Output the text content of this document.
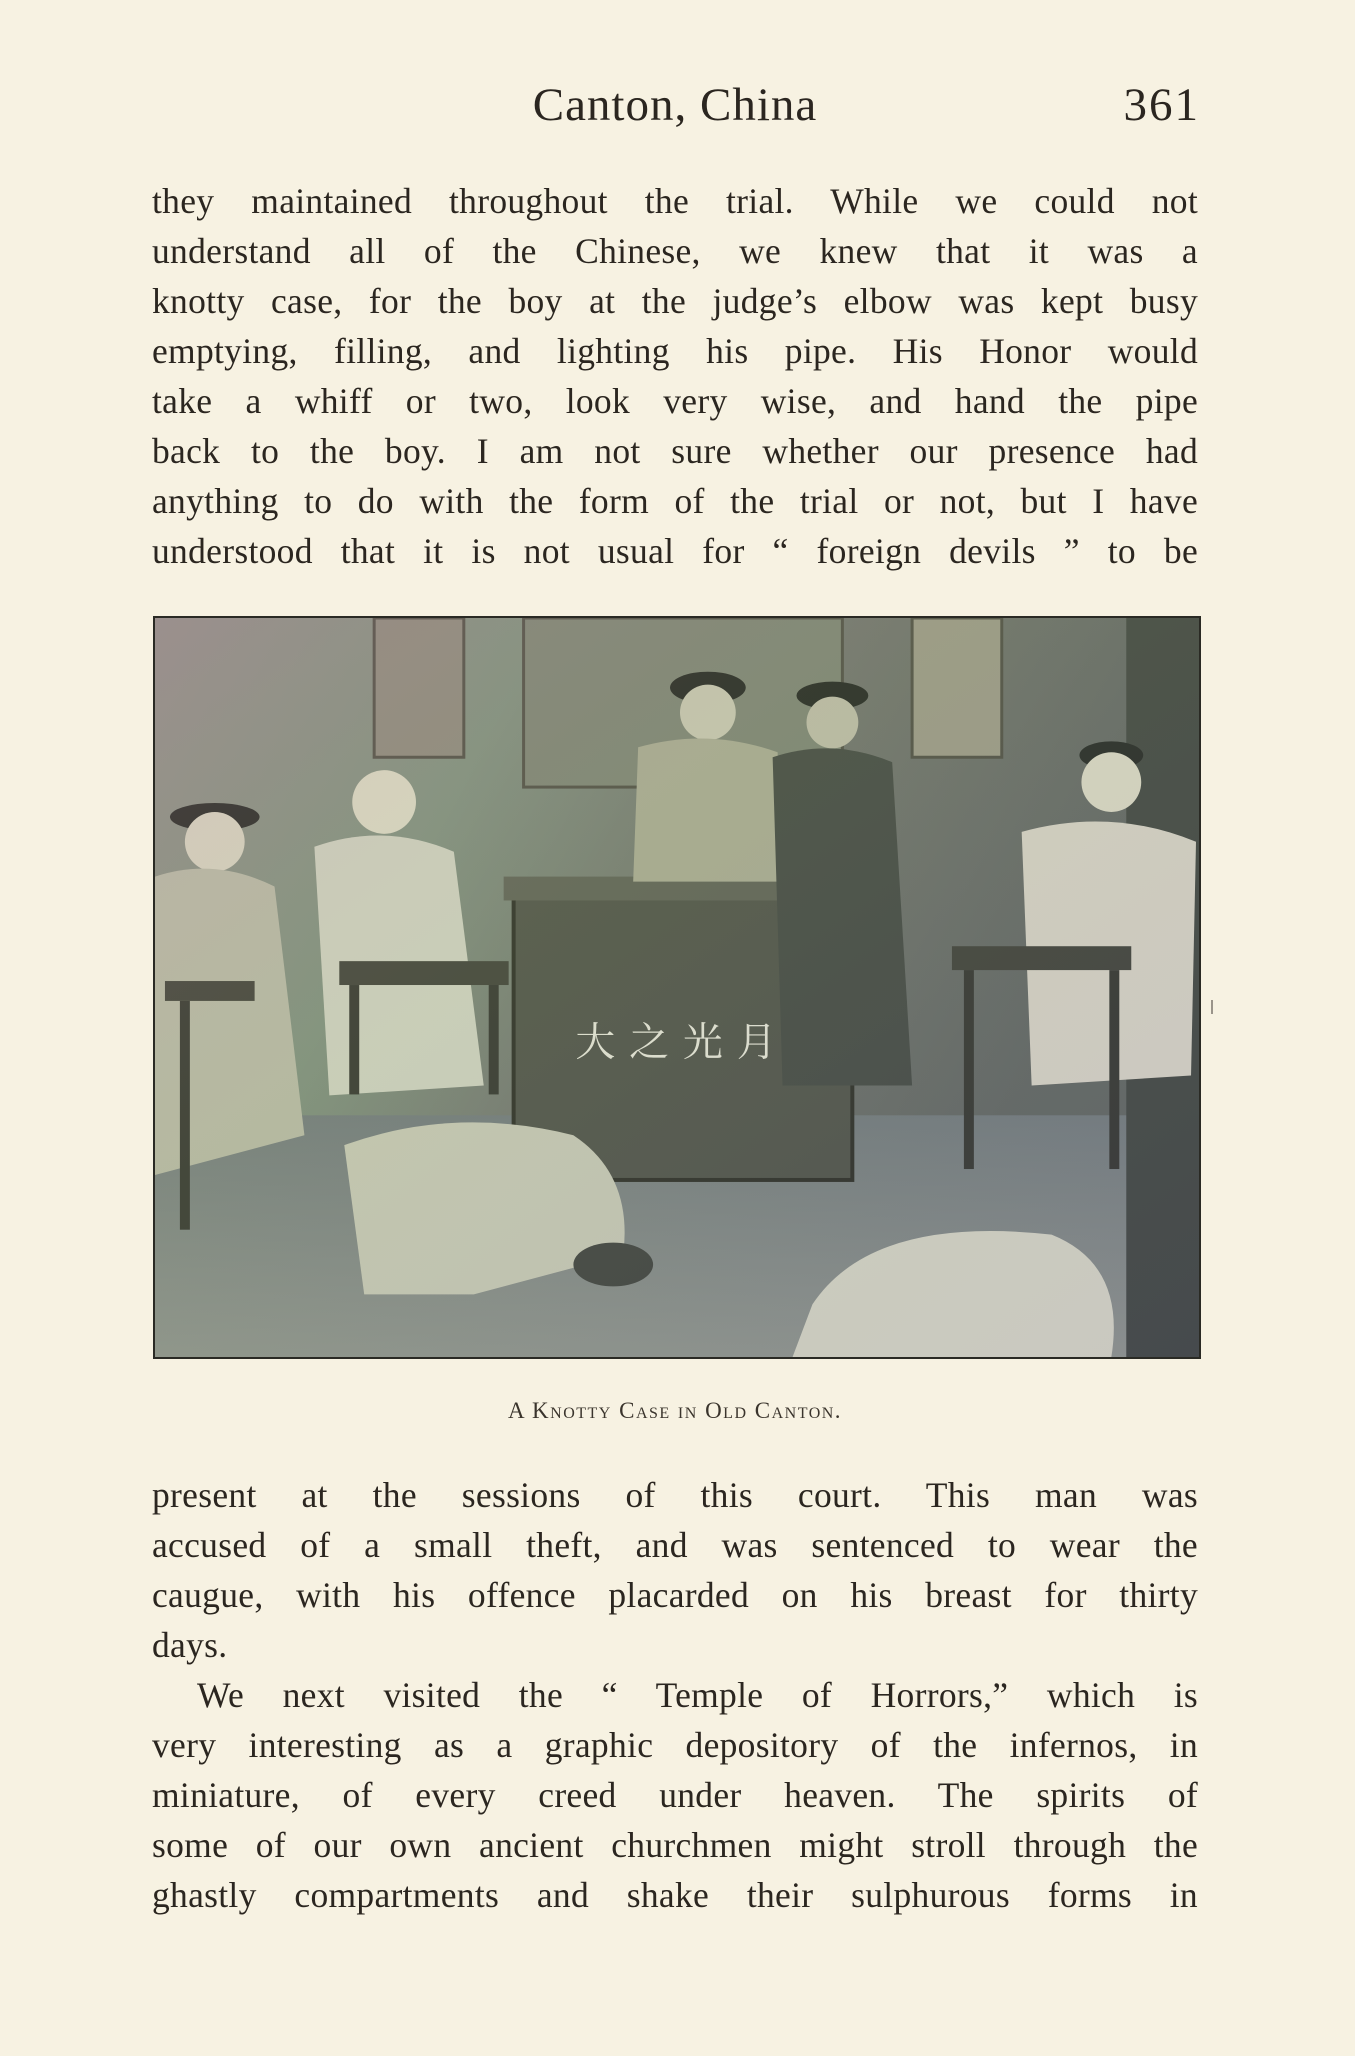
Canton, China	361
they maintained throughout the trial. While we could not
understand all of the Chinese, we knew that it was a
knotty case, for the boy at the judge’s elbow was kept busy
emptying, filling, and lighting his pipe. His Honor would
take a whiff or two, look very wise, and hand the pipe
back to the boy. I am not sure whether our presence had
anything to do with the form of the trial or not, but I have
understood that it is not usual for “ foreign devils ” to be
A Knotty Case in Old Canton.
present at the sessions of this court. This man was
accused of a small theft, and was sentenced to wear the
caugue, with his offence placarded on his breast for thirty
days.
We next visited the “ Temple of Horrors,” which is
very interesting as a graphic depository of the infernos, in
miniature, of every creed under heaven. The spirits of
some of our own ancient churchmen might stroll through the
ghastly compartments and shake their sulphurous forms in
